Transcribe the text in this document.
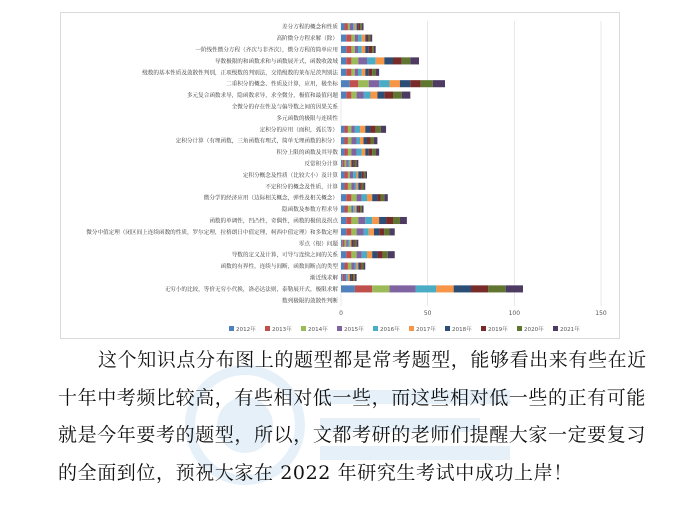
0	50	100	150
差分方程的概念和性质
高阶微分方程求解（除）
一阶线性微分方程（齐次与非齐次），微分方程的简单应用
导数极限的和函数求和与函数展开式，函数收敛域
级数的基本性质及敛散性判别，正项级数的判别法，交错级数的莱布尼茨判别法
二重积分的概念、性质及计算，应用，极坐标
多元复合函数求导，隐函数求导，求全微分，极值和最值问题
全微分的存在性及与偏导数之间的因果关系
多元函数的极限与连续性
定积分的应用（面积，弧长等）
定积分计算（有理函数，三角函数有理式，简单无理函数的积分）
积分上限的函数及其导数
反常积分计算
定积分概念及性质（比较大小）及计算
不定积分的概念及性质，计算
微分学的经济应用（边际相关概念，弹性及相关概念）
隐函数及参数方程求导
函数的单调性，凹凸性，奇偶性，函数的极值及拐点
微分中值定理（闭区间上连续函数的性质，罗尔定理，拉格朗日中值定理，柯西中值定理）和多数定理
零点（根）问题
导数的定义及计算，可导与连续之间的关系
函数的有界性，连续与间断，函数间断点的类型
渐近线求解
无穷小的比较，等价无穷小代换，洛必达法则，泰勒展开式，极限求解
数列极限的敛散性判断
2012年	2013年	2014年	2015年	2016年	2017年	2018年	2019年	2020年	2021年
这个知识点分布图上的题型都是常考题型，能够看出来有些在近
十年中考频比较高，有些相对低一些，而这些相对低一些的正有可能
就是今年要考的题型，所以，文都考研的老师们提醒大家一定要复习
的全面到位，预祝大家在 2022 年研究生考试中成功上岸！
